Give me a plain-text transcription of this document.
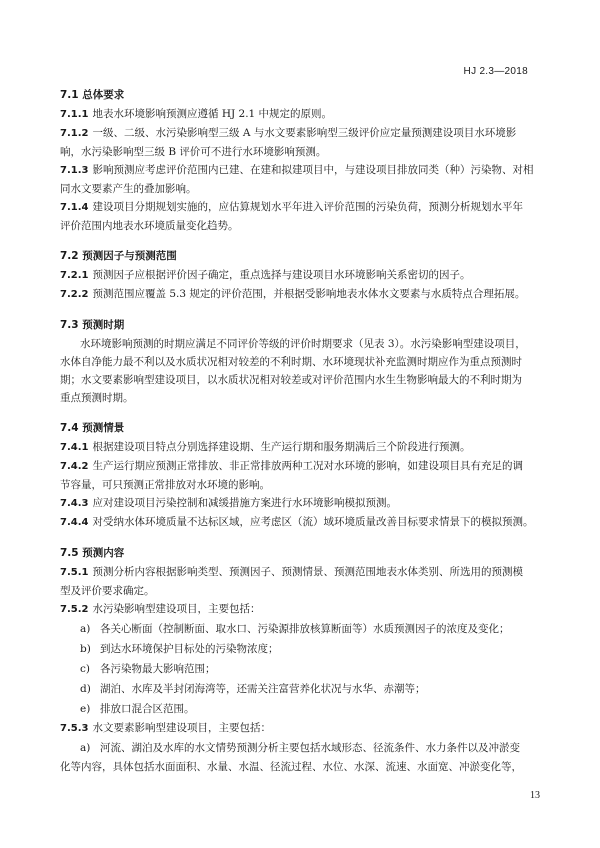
HJ 2.3—2018
7.1 总体要求
7.1.1 地表水环境影响预测应遵循 HJ 2.1 中规定的原则。
7.1.2 一级、二级、水污染影响型三级 A 与水文要素影响型三级评价应定量预测建设项目水环境影
响，水污染影响型三级 B 评价可不进行水环境影响预测。
7.1.3 影响预测应考虑评价范围内已建、在建和拟建项目中，与建设项目排放同类（种）污染物、对相
同水文要素产生的叠加影响。
7.1.4 建设项目分期规划实施的，应估算规划水平年进入评价范围的污染负荷，预测分析规划水平年
评价范围内地表水环境质量变化趋势。
7.2 预测因子与预测范围
7.2.1 预测因子应根据评价因子确定，重点选择与建设项目水环境影响关系密切的因子。
7.2.2 预测范围应覆盖 5.3 规定的评价范围，并根据受影响地表水体水文要素与水质特点合理拓展。
7.3 预测时期
水环境影响预测的时期应满足不同评价等级的评价时期要求（见表 3）。水污染影响型建设项目，
水体自净能力最不利以及水质状况相对较差的不利时期、水环境现状补充监测时期应作为重点预测时
期；水文要素影响型建设项目，以水质状况相对较差或对评价范围内水生生物影响最大的不利时期为
重点预测时期。
7.4 预测情景
7.4.1 根据建设项目特点分别选择建设期、生产运行期和服务期满后三个阶段进行预测。
7.4.2 生产运行期应预测正常排放、非正常排放两种工况对水环境的影响，如建设项目具有充足的调
节容量，可只预测正常排放对水环境的影响。
7.4.3 应对建设项目污染控制和减缓措施方案进行水环境影响模拟预测。
7.4.4 对受纳水体环境质量不达标区域，应考虑区（流）域环境质量改善目标要求情景下的模拟预测。
7.5 预测内容
7.5.1 预测分析内容根据影响类型、预测因子、预测情景、预测范围地表水体类别、所选用的预测模
型及评价要求确定。
7.5.2 水污染影响型建设项目，主要包括：
a) 各关心断面（控制断面、取水口、污染源排放核算断面等）水质预测因子的浓度及变化；
b) 到达水环境保护目标处的污染物浓度；
c) 各污染物最大影响范围；
d) 湖泊、水库及半封闭海湾等，还需关注富营养化状况与水华、赤潮等；
e) 排放口混合区范围。
7.5.3 水文要素影响型建设项目，主要包括：
a) 河流、湖泊及水库的水文情势预测分析主要包括水域形态、径流条件、水力条件以及冲淤变
化等内容，具体包括水面面积、水量、水温、径流过程、水位、水深、流速、水面宽、冲淤变化等，
13
